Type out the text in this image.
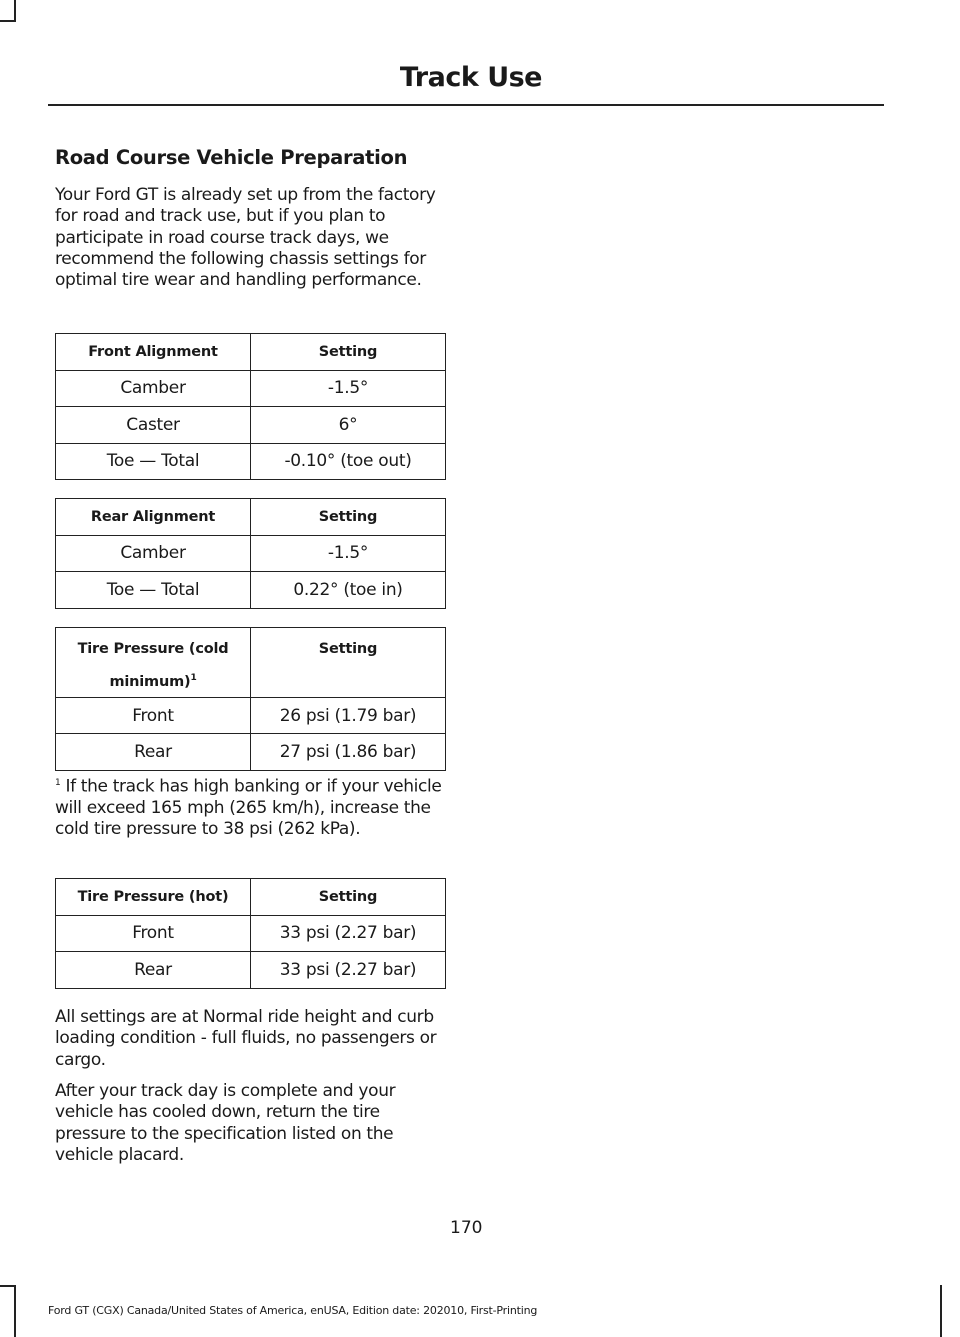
Track Use
Road Course Vehicle Preparation

Your Ford GT is already set up from the factory for road and track use, but if you plan to participate in road course track days, we recommend the following chassis settings for optimal tire wear and handling performance.

Front Alignment	Setting
Camber	-1.5°
Caster	6°
Toe — Total	-0.10° (toe out)
Rear Alignment	Setting
Camber	-1.5°
Toe — Total	0.22° (toe in)
Tire Pressure (cold minimum)$^1$	Setting
Front	26 psi (1.79 bar)
Rear	27 psi (1.86 bar)

$^1$ If the track has high banking or if your vehicle will exceed 165 mph (265 km/h), increase the cold tire pressure to 38 psi (262 kPa).

Tire Pressure (hot)	Setting
Front	33 psi (2.27 bar)
Rear	33 psi (2.27 bar)

All settings are at Normal ride height and curb loading condition - full fluids, no passengers or cargo.

After your track day is complete and your vehicle has cooled down, return the tire pressure to the specification listed on the vehicle placard.

170
Ford GT (CGX) Canada/United States of America, enUSA, Edition date: 202010, First-Printing
